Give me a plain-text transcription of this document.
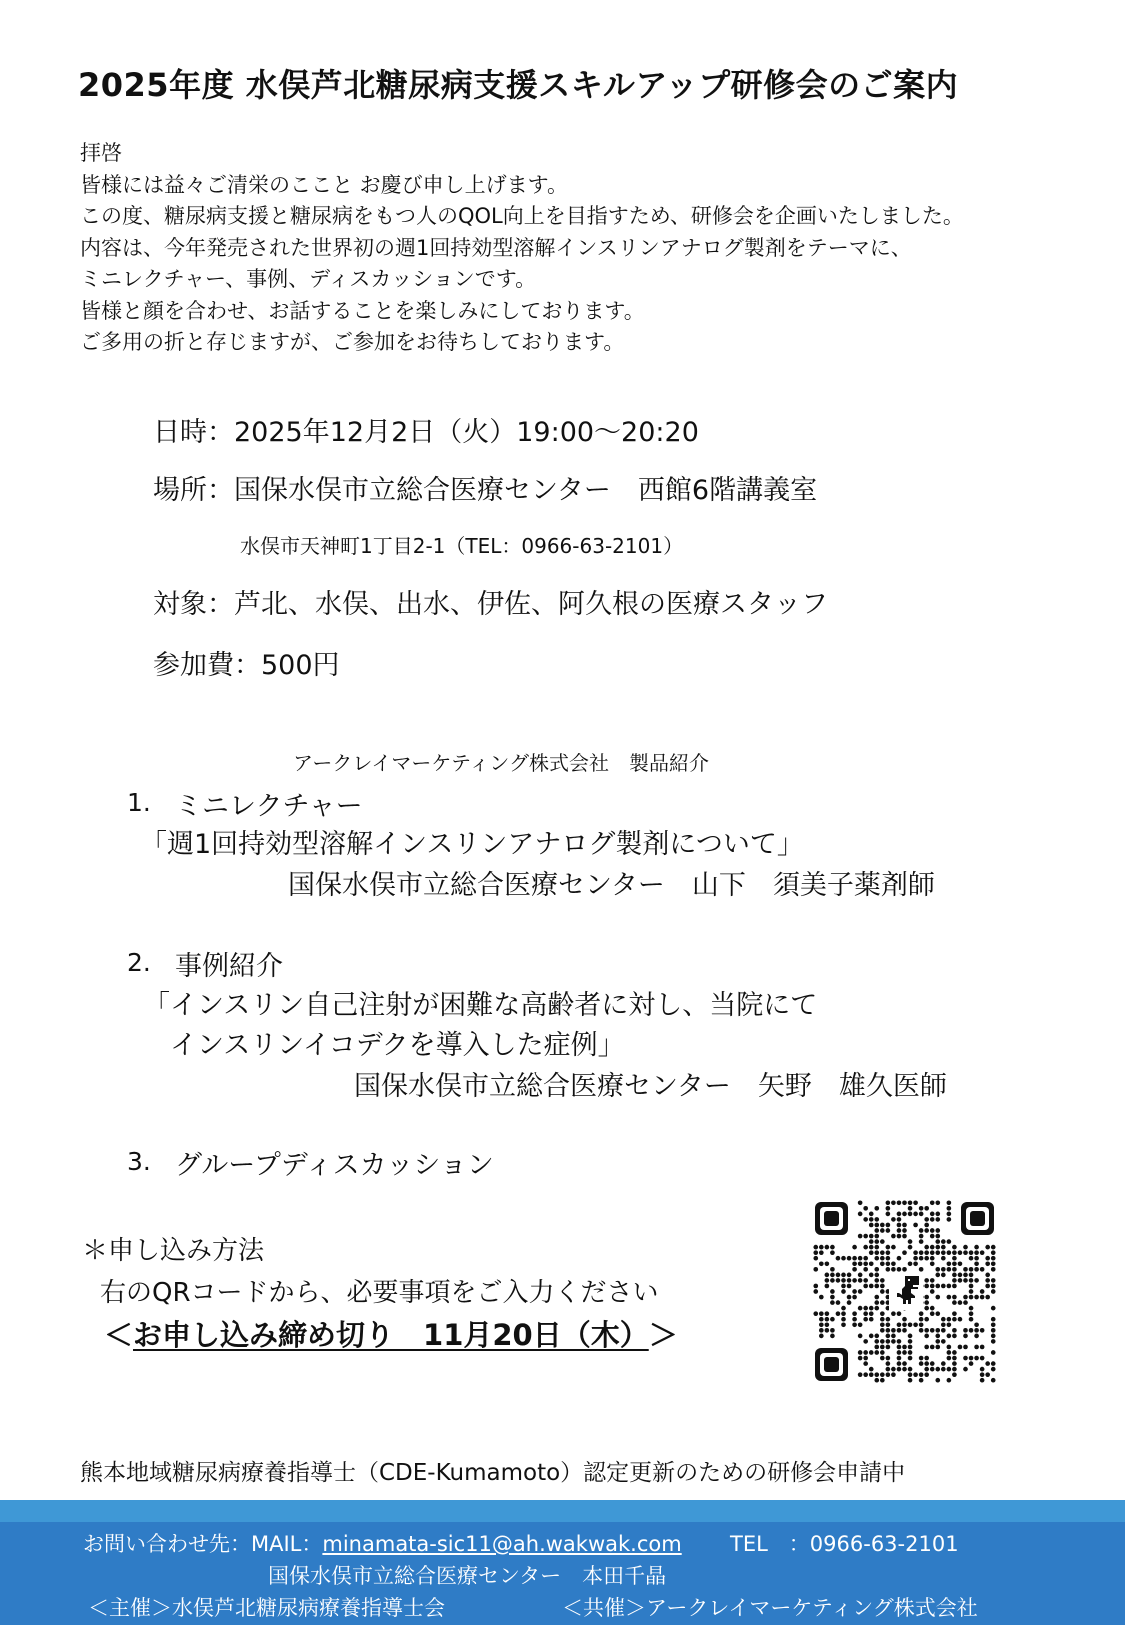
2025年度 水俣芦北糖尿病支援スキルアップ研修会のご案内
拝啓
皆様には益々ご清栄のここと お慶び申し上げます。
この度、糖尿病支援と糖尿病をもつ人のQOL向上を目指すため、研修会を企画いたしました。
内容は、今年発売された世界初の週1回持効型溶解インスリンアナログ製剤をテーマに、
ミニレクチャー、事例、ディスカッションです。
皆様と顔を合わせ、お話することを楽しみにしております。
ご多用の折と存じますが、ご参加をお待ちしております。
日時：2025年12月2日（火）19:00～20:20
場所：国保水俣市立総合医療センター　西館6階講義室
水俣市天神町1丁目2-1（TEL：0966-63-2101）
対象：芦北、水俣、出水、伊佐、阿久根の医療スタッフ
参加費：500円
アークレイマーケティング株式会社　製品紹介
1. ミニレクチャー
「週1回持効型溶解インスリンアナログ製剤について」
国保水俣市立総合医療センター　山下　須美子薬剤師
2. 事例紹介
「インスリン自己注射が困難な高齢者に対し、当院にて
インスリンイコデクを導入した症例」
国保水俣市立総合医療センター　矢野　雄久医師
3. グループディスカッション
＊申し込み方法
右のQRコードから、必要事項をご入力ください
＜お申し込み締め切り　11月20日（木）＞
熊本地域糖尿病療養指導士（CDE-Kumamoto）認定更新のための研修会申請中
お問い合わせ先：MAIL：minamata-sic11@ah.wakwak.com TEL　：0966-63-2101
国保水俣市立総合医療センター　本田千晶
＜主催＞水俣芦北糖尿病療養指導士会	＜共催＞アークレイマーケティング株式会社
